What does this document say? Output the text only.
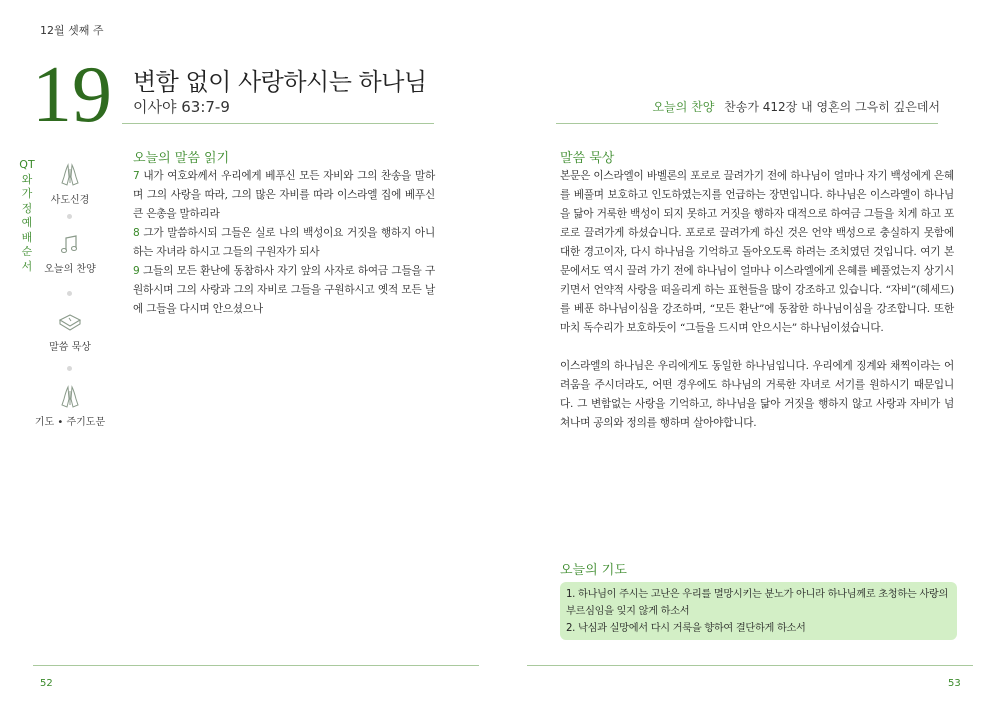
12월 셋째 주
19 변함 없이 사랑하시는 하나님
이사야 63:7-9	오늘의 찬양 찬송가 412장 내 영혼의 그윽히 깊은데서
QT와가정예배순서
사도신경
오늘의 찬양
말씀 묵상
기도 • 주기도문
오늘의 말씀 읽기
7 내가 여호와께서 우리에게 베푸신 모든 자비와 그의 찬송을 말하며 그의 사랑을 따라, 그의 많은 자비를 따라 이스라엘 집에 베푸신 큰 은총을 말하리라
8 그가 말씀하시되 그들은 실로 나의 백성이요 거짓을 행하지 아니하는 자녀라 하시고 그들의 구원자가 되사
9 그들의 모든 환난에 동참하사 자기 앞의 사자로 하여금 그들을 구원하시며 그의 사랑과 그의 자비로 그들을 구원하시고 옛적 모든 날에 그들을 다시며 안으셨으나
말씀 묵상

본문은 이스라엘이 바벨론의 포로로 끌려가기 전에 하나님이 얼마나 자기 백성에게 은혜를 베풀며 보호하고 인도하였는지를 언급하는 장면입니다. 하나님은 이스라엘이 하나님을 닮아 거룩한 백성이 되지 못하고 거짓을 행하자 대적으로 하여금 그들을 치게 하고 포로로 끌려가게 하셨습니다. 포로로 끌려가게 하신 것은 언약 백성으로 충실하지 못함에 대한 경고이자, 다시 하나님을 기억하고 돌아오도록 하려는 조치였던 것입니다. 여기 본문에서도 역시 끌려 가기 전에 하나님이 얼마나 이스라엘에게 은혜를 베풀었는지 상기시키면서 언약적 사랑을 떠올리게 하는 표현들을 많이 강조하고 있습니다. “자비”(헤세드)를 베푼 하나님이심을 강조하며, “모든 환난”에 동참한 하나님이심을 강조합니다. 또한 마치 독수리가 보호하듯이 “그들을 드시며 안으시는” 하나님이셨습니다.

이스라엘의 하나님은 우리에게도 동일한 하나님입니다. 우리에게 징계와 채찍이라는 어려움을 주시더라도, 어떤 경우에도 하나님의 거룩한 자녀로 서기를 원하시기 때문입니다. 그 변함없는 사랑을 기억하고, 하나님을 닮아 거짓을 행하지 않고 사랑과 자비가 넘쳐나며 공의와 정의를 행하며 살아야합니다.

오늘의 기도
1. 하나님이 주시는 고난은 우리를 멸망시키는 분노가 아니라 하나님께로 초청하는 사랑의 부르심임을 잊지 않게 하소서
2. 낙심과 실망에서 다시 거룩을 향하여 결단하게 하소서
52	53
